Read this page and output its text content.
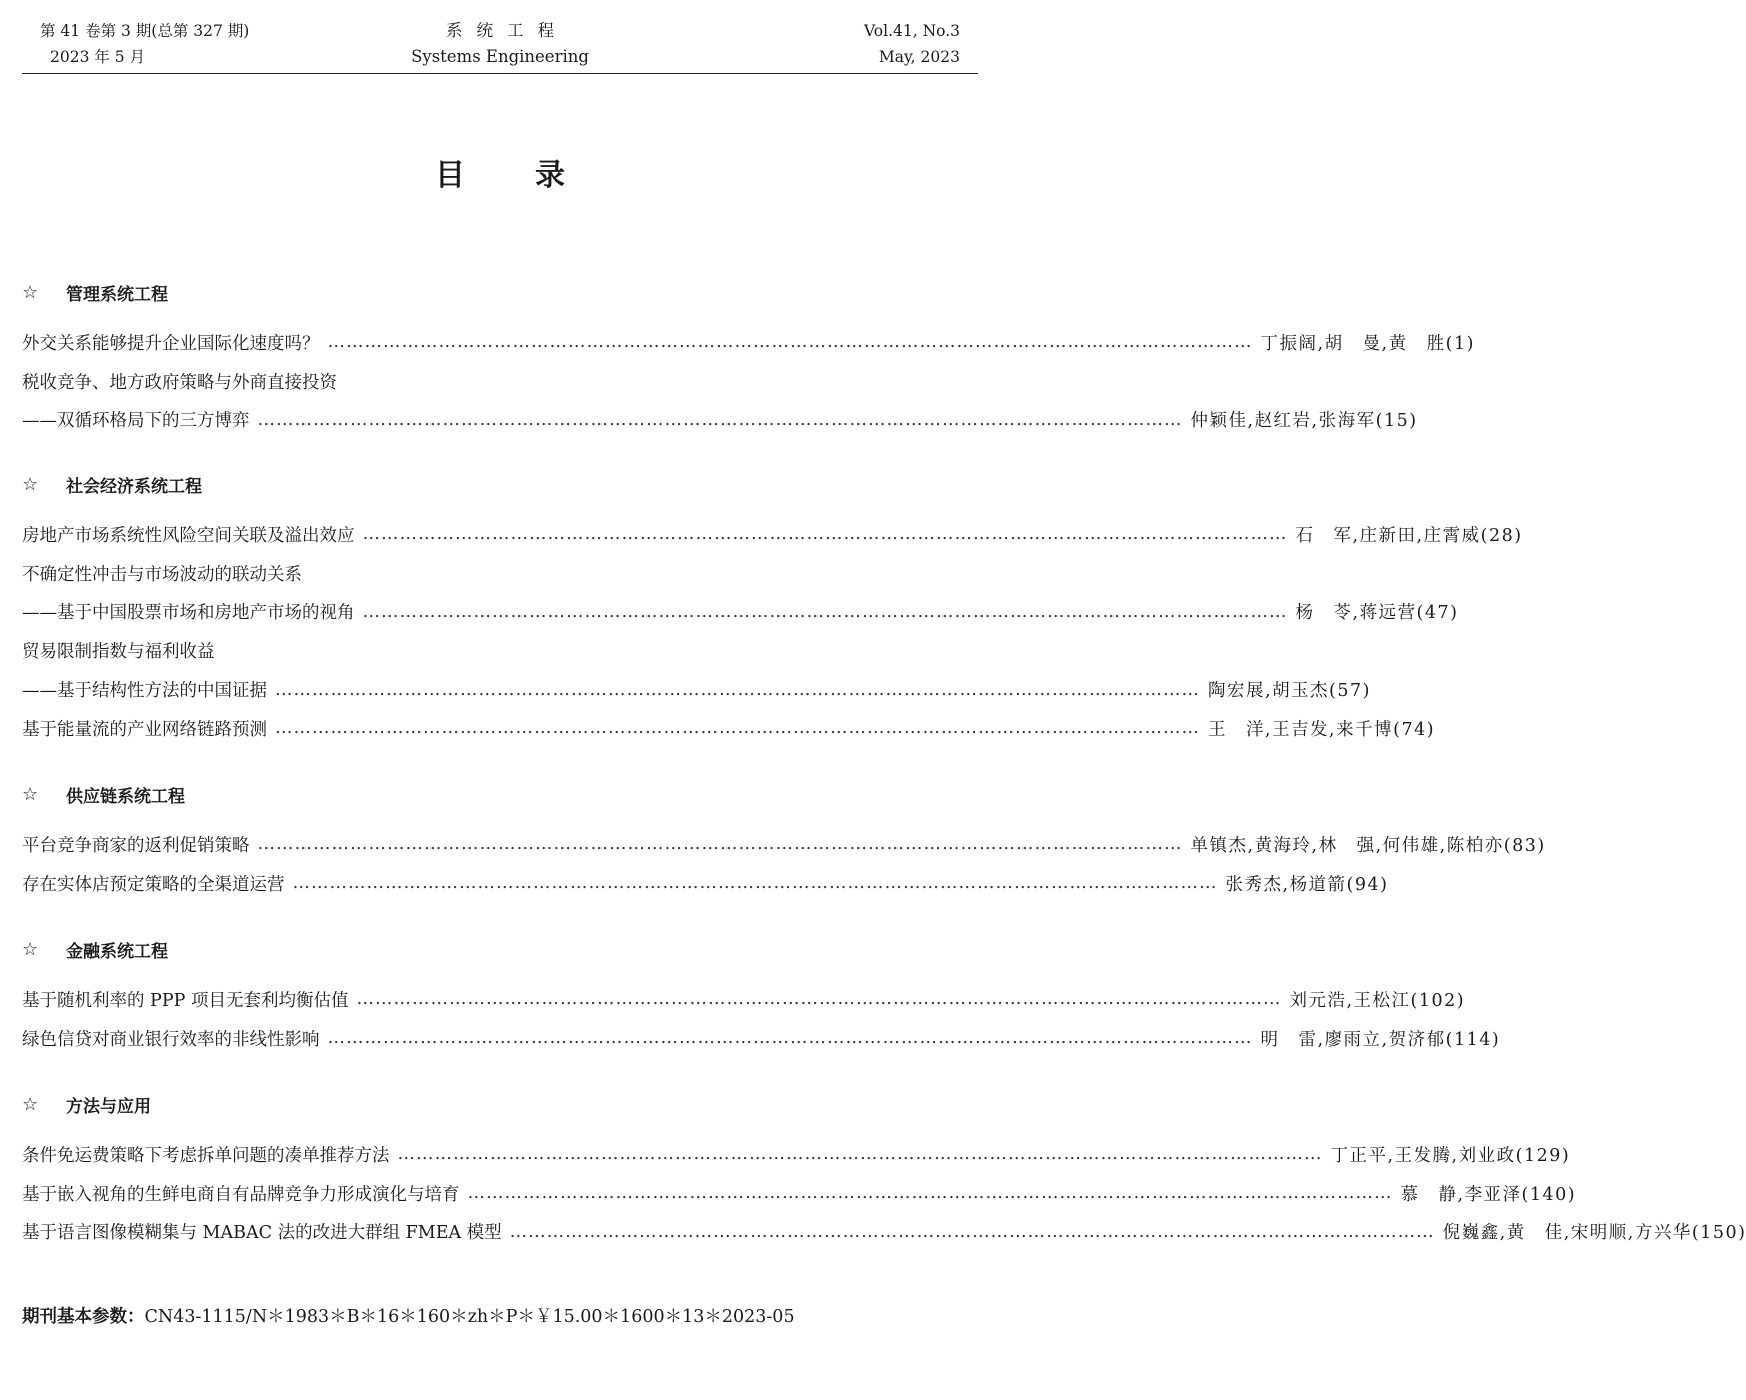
第 41 卷第 3 期(总第 327 期)
2023 年 5 月
系统工程
Systems Engineering
Vol.41, No.3
May, 2023
目录
☆	管理系统工程
外交关系能够提升企业国际化速度吗？ …………………………………………………………………………………………………………………………………… 丁振阔,胡　曼,黄　胜(1)
税收竞争、地方政府策略与外商直接投资
——双循环格局下的三方博弈 …………………………………………………………………………………………………………………………………… 仲颖佳,赵红岩,张海军(15)
☆	社会经济系统工程
房地产市场系统性风险空间关联及溢出效应 …………………………………………………………………………………………………………………………………… 石　军,庄新田,庄霄威(28)
不确定性冲击与市场波动的联动关系
——基于中国股票市场和房地产市场的视角 …………………………………………………………………………………………………………………………………… 杨　苓,蒋远营(47)
贸易限制指数与福利收益
——基于结构性方法的中国证据 …………………………………………………………………………………………………………………………………… 陶宏展,胡玉杰(57)
基于能量流的产业网络链路预测 …………………………………………………………………………………………………………………………………… 王　洋,王吉发,来千博(74)
☆	供应链系统工程
平台竞争商家的返利促销策略 …………………………………………………………………………………………………………………………………… 单镇杰,黄海玲,林　强,何伟雄,陈柏亦(83)
存在实体店预定策略的全渠道运营 …………………………………………………………………………………………………………………………………… 张秀杰,杨道箭(94)
☆	金融系统工程
基于随机利率的 PPP 项目无套利均衡估值 …………………………………………………………………………………………………………………………………… 刘元浩,王松江(102)
绿色信贷对商业银行效率的非线性影响 …………………………………………………………………………………………………………………………………… 明　雷,廖雨立,贺济郁(114)
☆	方法与应用
条件免运费策略下考虑拆单问题的凑单推荐方法 …………………………………………………………………………………………………………………………………… 丁正平,王发腾,刘业政(129)
基于嵌入视角的生鲜电商自有品牌竞争力形成演化与培育 …………………………………………………………………………………………………………………………………… 慕　静,李亚泽(140)
基于语言图像模糊集与 MABAC 法的改进大群组 FMEA 模型 …………………………………………………………………………………………………………………………………… 倪巍鑫,黄　佳,宋明顺,方兴华(150)
期刊基本参数：CN43-1115/N＊1983＊B＊16＊160＊zh＊P＊￥15.00＊1600＊13＊2023-05
